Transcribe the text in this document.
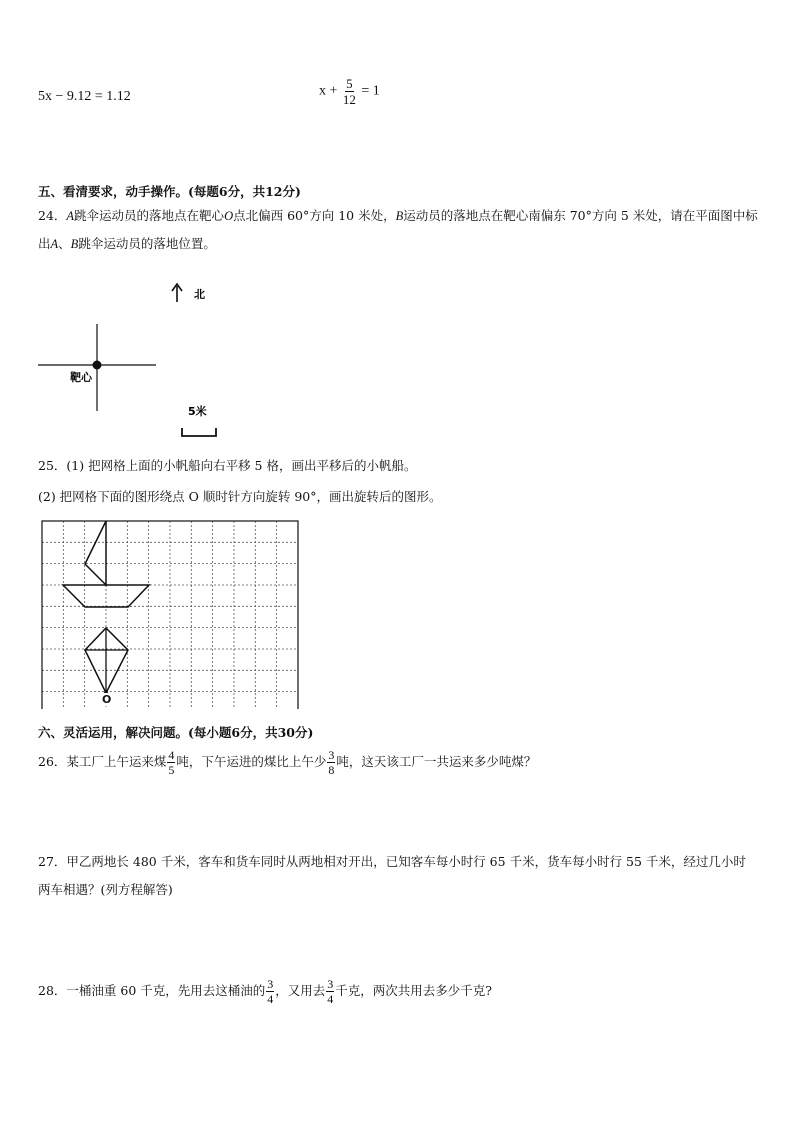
5x − 9.12 = 1.12	$x + \frac{5}{12} = 1$
五、看清要求，动手操作。(每题6分，共12分)
24．A跳伞运动员的落地点在靶心O点北偏西 60°方向 10 米处，B运动员的落地点在靶心南偏东 70°方向 5 米处，请在平面图中标出A、B跳伞运动员的落地位置。
北
靶心
5米
25．(1) 把网格上面的小帆船向右平移 5 格，画出平移后的小帆船。
(2) 把网格下面的图形绕点 O 顺时针方向旋转 90°，画出旋转后的图形。
O
六、灵活运用，解决问题。(每小题6分，共30分)
26．某工厂上午运来煤 $\frac{4}{5}$ 吨，下午运进的煤比上午少 $\frac{3}{8}$ 吨，这天该工厂一共运来多少吨煤？
27．甲乙两地长 480 千米，客车和货车同时从两地相对开出，已知客车每小时行 65 千米，货车每小时行 55 千米，经过几小时两车相遇？(列方程解答)
28．一桶油重 60 千克，先用去这桶油的 $\frac{3}{4}$ ，又用去 $\frac{3}{4}$ 千克，两次共用去多少千克?
